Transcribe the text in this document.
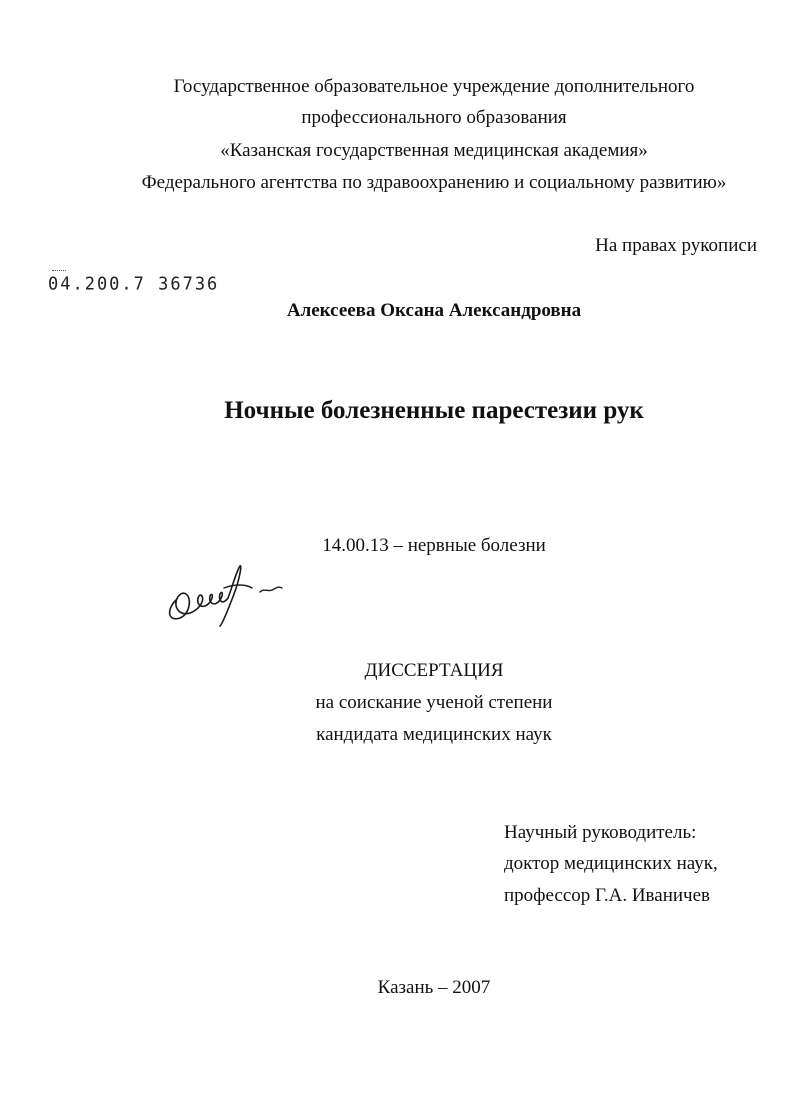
Государственное образовательное учреждение дополнительного
профессионального образования
«Казанская государственная медицинская академия»
Федерального агентства по здравоохранению и социальному развитию»
На правах рукописи
04.200.7 36736
Алексеева Оксана Александровна
Ночные болезненные парестезии рук
14.00.13 – нервные болезни
ДИССЕРТАЦИЯ
на соискание ученой степени
кандидата медицинских наук
Научный руководитель:
доктор медицинских наук,
профессор Г.А. Иваничев
Казань – 2007
